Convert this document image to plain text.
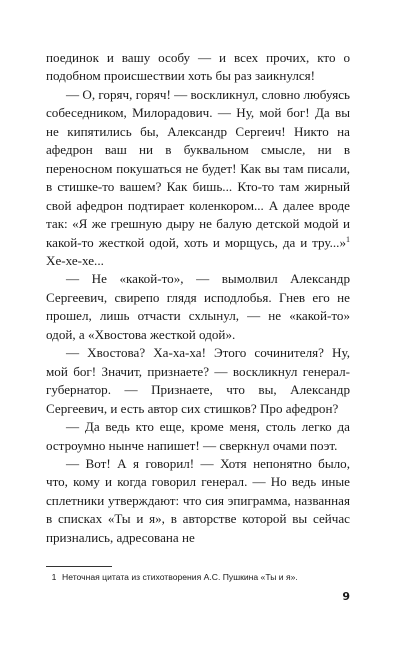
поединок и вашу особу — и всех прочих, кто о подобном происшествии хоть бы раз заикнулся!

— О, горяч, горяч! — воскликнул, словно любуясь собеседником, Милорадович. — Ну, мой бог! Да вы не кипятились бы, Александр Сергеич! Никто на афедрон ваш ни в буквальном смысле, ни в переносном покушаться не будет! Как вы там писали, в стишке-то вашем? Как бишь... Кто-то там жирный свой афедрон подтирает коленкором... А далее вроде так: «Я же грешную дыру не балую детской модой и какой-то жесткой одой, хоть и морщусь, да и тру...»$^1$ Хе-хе-хе...

— Не «какой-то», — вымолвил Александр Сергеевич, свирепо глядя исподлобья. Гнев его не прошел, лишь отчасти схлынул, — не «какой-то» одой, а «Хвостова жесткой одой».

— Хвостова? Ха-ха-ха! Этого сочинителя? Ну, мой бог! Значит, признаете? — воскликнул генерал-губернатор. — Признаете, что вы, Александр Сергеевич, и есть автор сих стишков? Про афедрон?

— Да ведь кто еще, кроме меня, столь легко да остроумно нынче напишет! — сверкнул очами поэт.

— Вот! А я говорил! — Хотя непонятно было, что, кому и когда говорил генерал. — Но ведь иные сплетники утверждают: что сия эпиграмма, названная в списках «Ты и я», в авторстве которой вы сейчас признались, адресована не

1 Неточная цитата из стихотворения А.С. Пушкина «Ты и я».
9
